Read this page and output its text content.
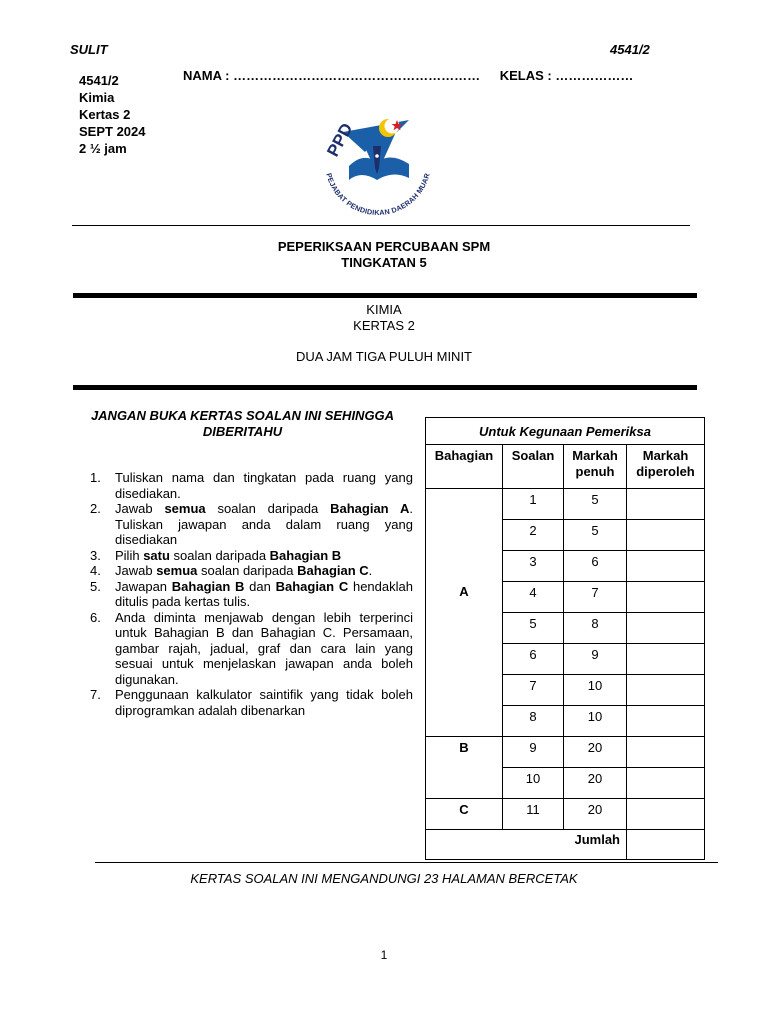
SULIT	4541/2
4541/2
Kimia
Kertas 2
SEPT 2024
2 ½ jam
NAMA : ………………………………………………… KELAS : ………………
PPD
PEJABAT PENDIDIKAN DAERAH MUAR
PEPERIKSAAN PERCUBAAN SPM
TINGKATAN 5
KIMIA
KERTAS 2
DUA JAM TIGA PULUH MINIT
JANGAN BUKA KERTAS SOALAN INI SEHINGGA DIBERITAHU
1. Tuliskan nama dan tingkatan pada ruang yang disediakan.
2. Jawab semua soalan daripada Bahagian A. Tuliskan jawapan anda dalam ruang yang disediakan
3. Pilih satu soalan daripada Bahagian B
4. Jawab semua soalan daripada Bahagian C.
5. Jawapan Bahagian B dan Bahagian C hendaklah ditulis pada kertas tulis.
6. Anda diminta menjawab dengan lebih terperinci untuk Bahagian B dan Bahagian C. Persamaan, gambar rajah, jadual, graf dan cara lain yang sesuai untuk menjelaskan jawapan anda boleh digunakan.
7. Penggunaan kalkulator saintifik yang tidak boleh diprogramkan adalah dibenarkan
Untuk Kegunaan Pemeriksa			
Bahagian	Soalan	Markah penuh	Markah diperoleh
A	1	5	
	2	5	
	3	6	
	4	7	
	5	8	
	6	9	
	7	10	
	8	10	
B	9	20	
	10	20	
C	11	20	
Jumlah			
KERTAS SOALAN INI MENGANDUNGI 23 HALAMAN BERCETAK
1
